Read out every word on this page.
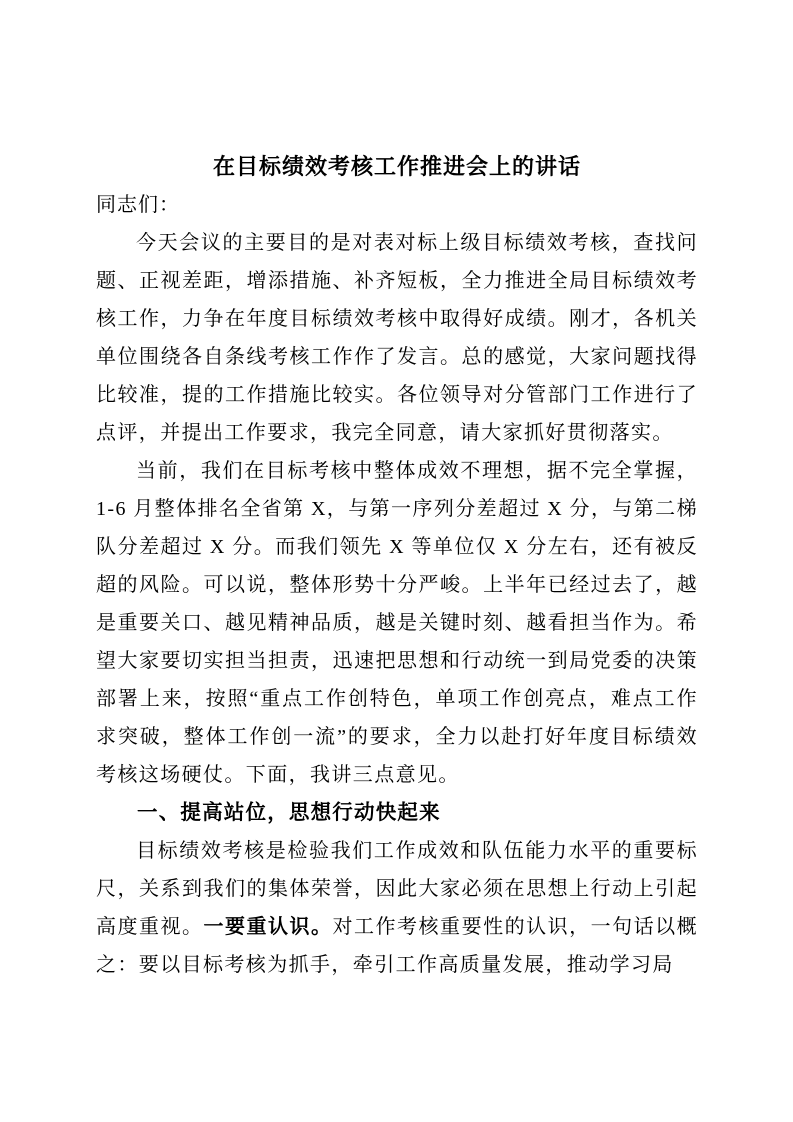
在目标绩效考核工作推进会上的讲话

同志们：

今天会议的主要目的是对表对标上级目标绩效考核，查找问题、正视差距，增添措施、补齐短板，全力推进全局目标绩效考核工作，力争在年度目标绩效考核中取得好成绩。刚才，各机关单位围绕各自条线考核工作作了发言。总的感觉，大家问题找得比较准，提的工作措施比较实。各位领导对分管部门工作进行了点评，并提出工作要求，我完全同意，请大家抓好贯彻落实。

当前，我们在目标考核中整体成效不理想，据不完全掌握，1-6 月整体排名全省第 X，与第一序列分差超过 X 分，与第二梯队分差超过 X 分。而我们领先 X 等单位仅 X 分左右，还有被反超的风险。可以说，整体形势十分严峻。上半年已经过去了，越是重要关口、越见精神品质，越是关键时刻、越看担当作为。希望大家要切实担当担责，迅速把思想和行动统一到局党委的决策部署上来，按照“重点工作创特色，单项工作创亮点，难点工作求突破，整体工作创一流”的要求，全力以赴打好年度目标绩效考核这场硬仗。下面，我讲三点意见。

一、提高站位，思想行动快起来

目标绩效考核是检验我们工作成效和队伍能力水平的重要标尺，关系到我们的集体荣誉，因此大家必须在思想上行动上引起高度重视。一要重认识。对工作考核重要性的认识，一句话以概之：要以目标考核为抓手，牵引工作高质量发展，推动学习局
